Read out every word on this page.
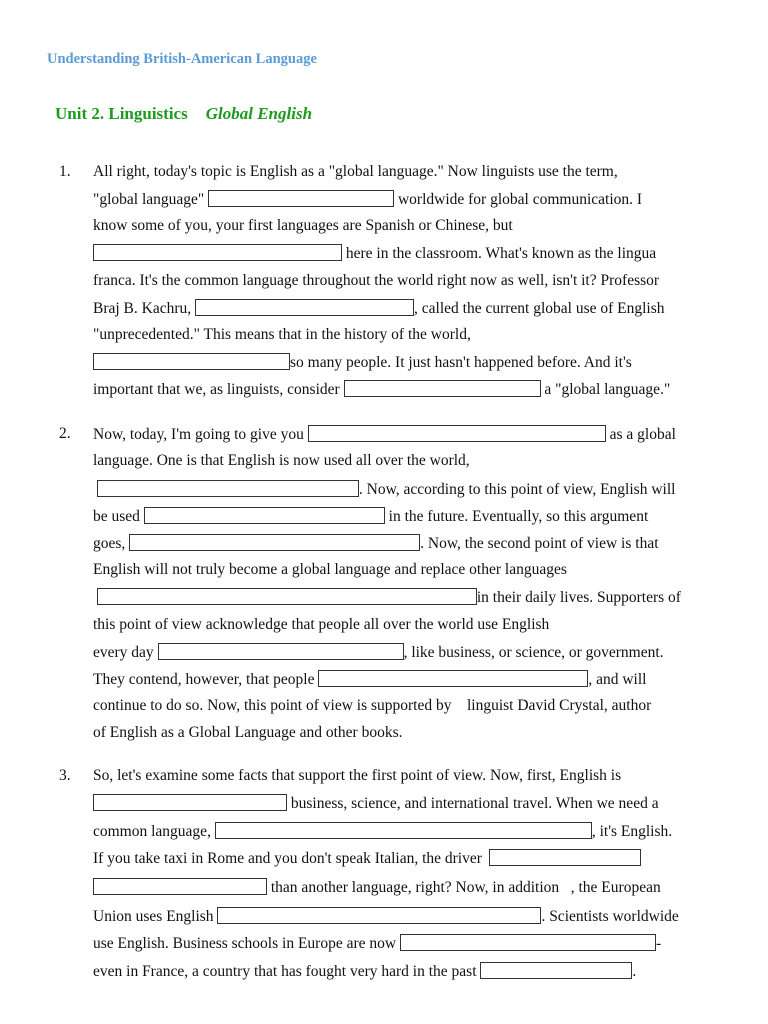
Understanding British-American Language
Unit 2. Linguistics Global English
1. All right, today's topic is English as a "global language." Now linguists use the term,
"global language"	worldwide for global communication. I
know some of you, your first languages are Spanish or Chinese, but
here in the classroom. What's known as the lingua
franca. It's the common language throughout the world right now as well, isn't it? Professor
Braj B. Kachru,	, called the current global use of English
"unprecedented." This means that in the history of the world,
so many people. It just hasn't happened before. And it's
important that we, as linguists, consider	a "global language."
2. Now, today, I'm going to give you	as a global
language. One is that English is now used all over the world,
. Now, according to this point of view, English will
be used	in the future. Eventually, so this argument
goes,	. Now, the second point of view is that
English will not truly become a global language and replace other languages
in their daily lives. Supporters of
this point of view acknowledge that people all over the world use English
every day	, like business, or science, or government.
They contend, however, that people	, and will
continue to do so. Now, this point of view is supported by    linguist David Crystal, author
of English as a Global Language and other books.
3. So, let's examine some facts that support the first point of view. Now, first, English is
business, science, and international travel. When we need a
common language,	, it's English.
If you take taxi in Rome and you don't speak Italian, the driver
than another language, right? Now, in addition   , the European
Union uses English	. Scientists worldwide
use English. Business schools in Europe are now	-
even in France, a country that has fought very hard in the past	.
